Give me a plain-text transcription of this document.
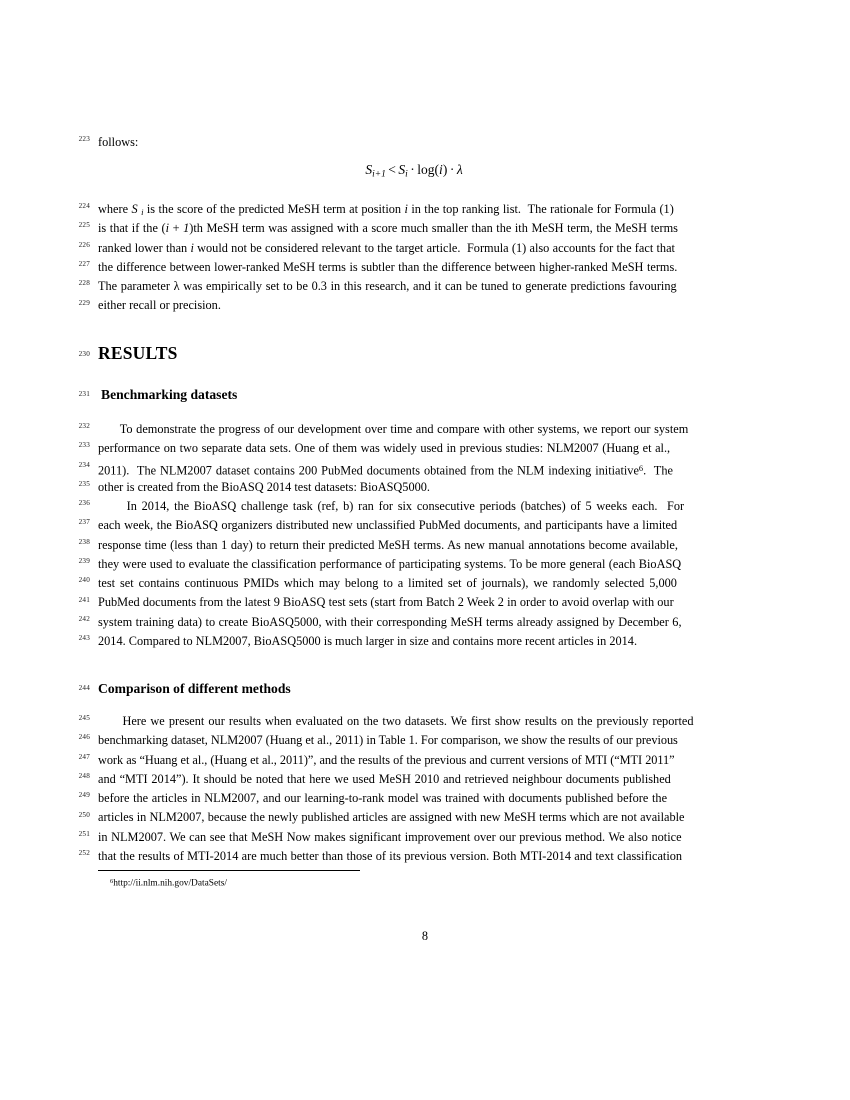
223 follows:
$S_{i+1} < S_i \cdot \log(i) \cdot \lambda$
224 where S $_i$ is the score of the predicted MeSH term at position i in the top ranking list.  The rationale for Formula (1)
225 is that if the (i + 1)th MeSH term was assigned with a score much smaller than the ith MeSH term, the MeSH terms
226 ranked lower than i would not be considered relevant to the target article.  Formula (1) also accounts for the fact that
227 the difference between lower-ranked MeSH terms is subtler than the difference between higher-ranked MeSH terms.
228 The parameter λ was empirically set to be 0.3 in this research, and it can be tuned to generate predictions favouring
229 either recall or precision.
230 RESULTS
231 Benchmarking datasets
232 To demonstrate the progress of our development over time and compare with other systems, we report our system
233 performance on two separate data sets. One of them was widely used in previous studies: NLM2007 (Huang et al.,
234 2011).  The NLM2007 dataset contains 200 PubMed documents obtained from the NLM indexing initiative$^6$.  The
235 other is created from the BioASQ 2014 test datasets: BioASQ5000.
236 In 2014, the BioASQ challenge task (ref, b) ran for six consecutive periods (batches) of 5 weeks each.  For
237 each week, the BioASQ organizers distributed new unclassified PubMed documents, and participants have a limited
238 response time (less than 1 day) to return their predicted MeSH terms. As new manual annotations become available,
239 they were used to evaluate the classification performance of participating systems. To be more general (each BioASQ
240 test set contains continuous PMIDs which may belong to a limited set of journals), we randomly selected 5,000
241 PubMed documents from the latest 9 BioASQ test sets (start from Batch 2 Week 2 in order to avoid overlap with our
242 system training data) to create BioASQ5000, with their corresponding MeSH terms already assigned by December 6,
243 2014. Compared to NLM2007, BioASQ5000 is much larger in size and contains more recent articles in 2014.
244 Comparison of different methods
245 Here we present our results when evaluated on the two datasets. We first show results on the previously reported
246 benchmarking dataset, NLM2007 (Huang et al., 2011) in Table 1. For comparison, we show the results of our previous
247 work as “Huang et al., (Huang et al., 2011)”, and the results of the previous and current versions of MTI (“MTI 2011”
248 and “MTI 2014”). It should be noted that here we used MeSH 2010 and retrieved neighbour documents published
249 before the articles in NLM2007, and our learning-to-rank model was trained with documents published before the
250 articles in NLM2007, because the newly published articles are assigned with new MeSH terms which are not available
251 in NLM2007. We can see that MeSH Now makes significant improvement over our previous method. We also notice
252 that the results of MTI-2014 are much better than those of its previous version. Both MTI-2014 and text classification
$^6$http://ii.nlm.nih.gov/DataSets/
8
